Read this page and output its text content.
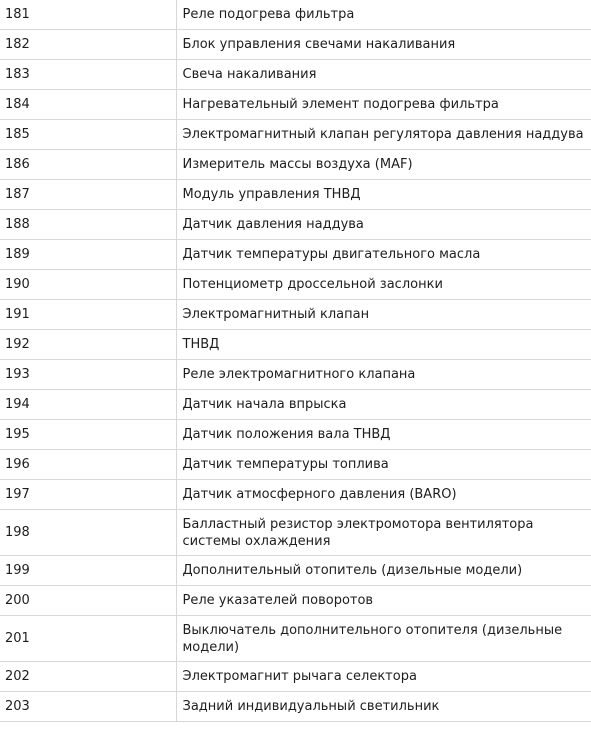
181	Реле подогрева фильтра
182	Блок управления свечами накаливания
183	Свеча накаливания
184	Нагревательный элемент подогрева фильтра
185	Электромагнитный клапан регулятора давления наддува
186	Измеритель массы воздуха (MAF)
187	Модуль управления ТНВД
188	Датчик давления наддува
189	Датчик температуры двигательного масла
190	Потенциометр дроссельной заслонки
191	Электромагнитный клапан
192	ТНВД
193	Реле электромагнитного клапана
194	Датчик начала впрыска
195	Датчик положения вала ТНВД
196	Датчик температуры топлива
197	Датчик атмосферного давления (BARO)
198	Балластный резистор электромотора вентилятора системы охлаждения
199	Дополнительный отопитель (дизельные модели)
200	Реле указателей поворотов
201	Выключатель дополнительного отопителя (дизельные модели)
202	Электромагнит рычага селектора
203	Задний индивидуальный светильник
